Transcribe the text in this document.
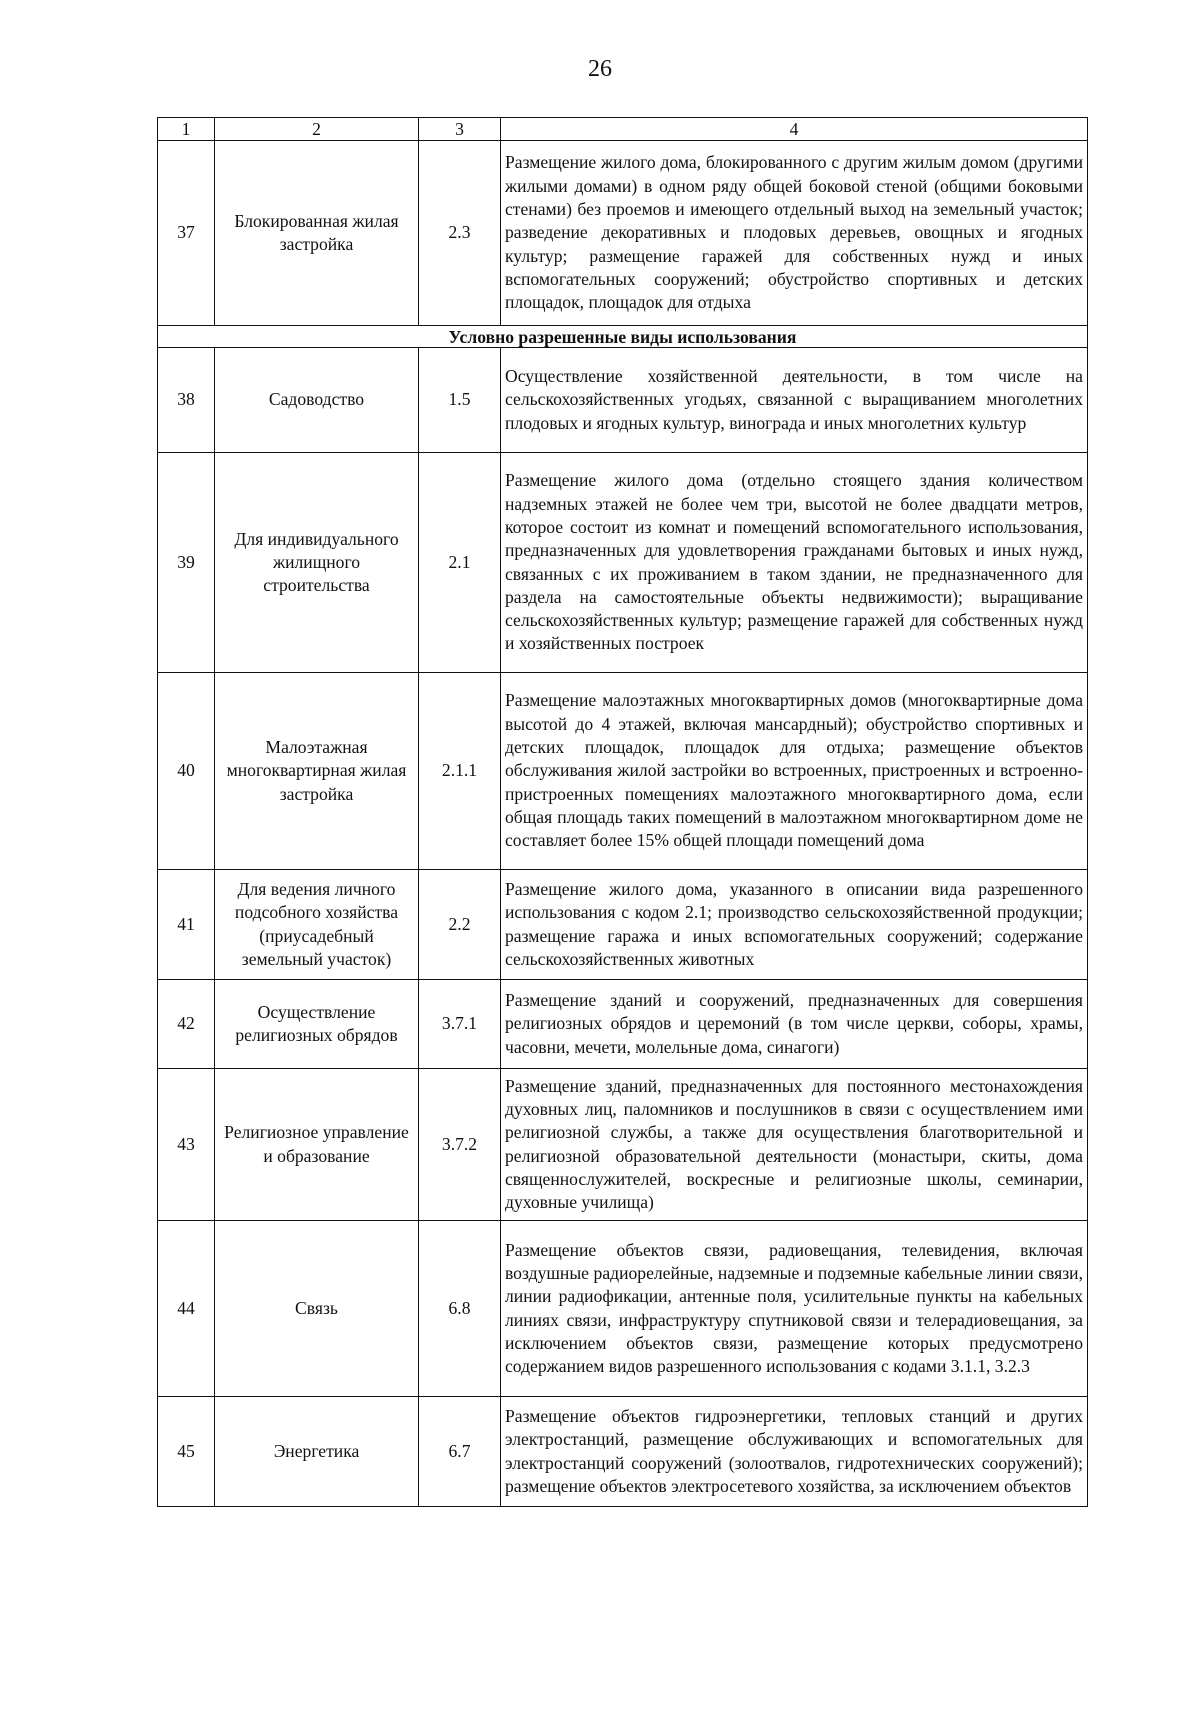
26
1	2	3	4
37	Блокированная жилая застройка	2.3	Размещение жилого дома, блокированного с другим жилым домом (другими жилыми домами) в одном ряду общей боковой стеной (общими боковыми стенами) без проемов и имеющего отдельный выход на земельный участок; разведение декоративных и плодовых деревьев, овощных и ягодных культур; размещение гаражей для собственных нужд и иных вспомогательных сооружений; обустройство спортивных и детских площадок, площадок для отдыха
Условно разрешенные виды использования			
38	Садоводство	1.5	Осуществление хозяйственной деятельности, в том числе на сельскохозяйственных угодьях, связанной с выращиванием многолетних плодовых и ягодных культур, винограда и иных многолетних культур
39	Для индивидуального жилищного строительства	2.1	Размещение жилого дома (отдельно стоящего здания количеством надземных этажей не более чем три, высотой не более двадцати метров, которое состоит из комнат и помещений вспомогательного использования, предназначенных для удовлетворения гражданами бытовых и иных нужд, связанных с их проживанием в таком здании, не предназначенного для раздела на самостоятельные объекты недвижимости); выращивание сельскохозяйственных культур; размещение гаражей для собственных нужд и хозяйственных построек
40	Малоэтажная многоквартирная жилая застройка	2.1.1	Размещение малоэтажных многоквартирных домов (многоквартирные дома высотой до 4 этажей, включая мансардный); обустройство спортивных и детских площадок, площадок для отдыха; размещение объектов обслуживания жилой застройки во встроенных, пристроенных и встроенно-пристроенных помещениях малоэтажного многоквартирного дома, если общая площадь таких помещений в малоэтажном многоквартирном доме не составляет более 15% общей площади помещений дома
41	Для ведения личного подсобного хозяйства (приусадебный земельный участок)	2.2	Размещение жилого дома, указанного в описании вида разрешенного использования с кодом 2.1; производство сельскохозяйственной продукции; размещение гаража и иных вспомогательных сооружений; содержание сельскохозяйственных животных
42	Осуществление религиозных обрядов	3.7.1	Размещение зданий и сооружений, предназначенных для совершения религиозных обрядов и церемоний (в том числе церкви, соборы, храмы, часовни, мечети, молельные дома, синагоги)
43	Религиозное управление и образование	3.7.2	Размещение зданий, предназначенных для постоянного местонахождения духовных лиц, паломников и послушников в связи с осуществлением ими религиозной службы, а также для осуществления благотворительной и религиозной образовательной деятельности (монастыри, скиты, дома священнослужителей, воскресные и религиозные школы, семинарии, духовные училища)
44	Связь	6.8	Размещение объектов связи, радиовещания, телевидения, включая воздушные радиорелейные, надземные и подземные кабельные линии связи, линии радиофикации, антенные поля, усилительные пункты на кабельных линиях связи, инфраструктуру спутниковой связи и телерадиовещания, за исключением объектов связи, размещение которых предусмотрено содержанием видов разрешенного использования с кодами 3.1.1, 3.2.3
45	Энергетика	6.7	Размещение объектов гидроэнергетики, тепловых станций и других электростанций, размещение обслуживающих и вспомогательных для электростанций сооружений (золоотвалов, гидротехнических сооружений); размещение объектов электросетевого хозяйства, за исключением объектов
